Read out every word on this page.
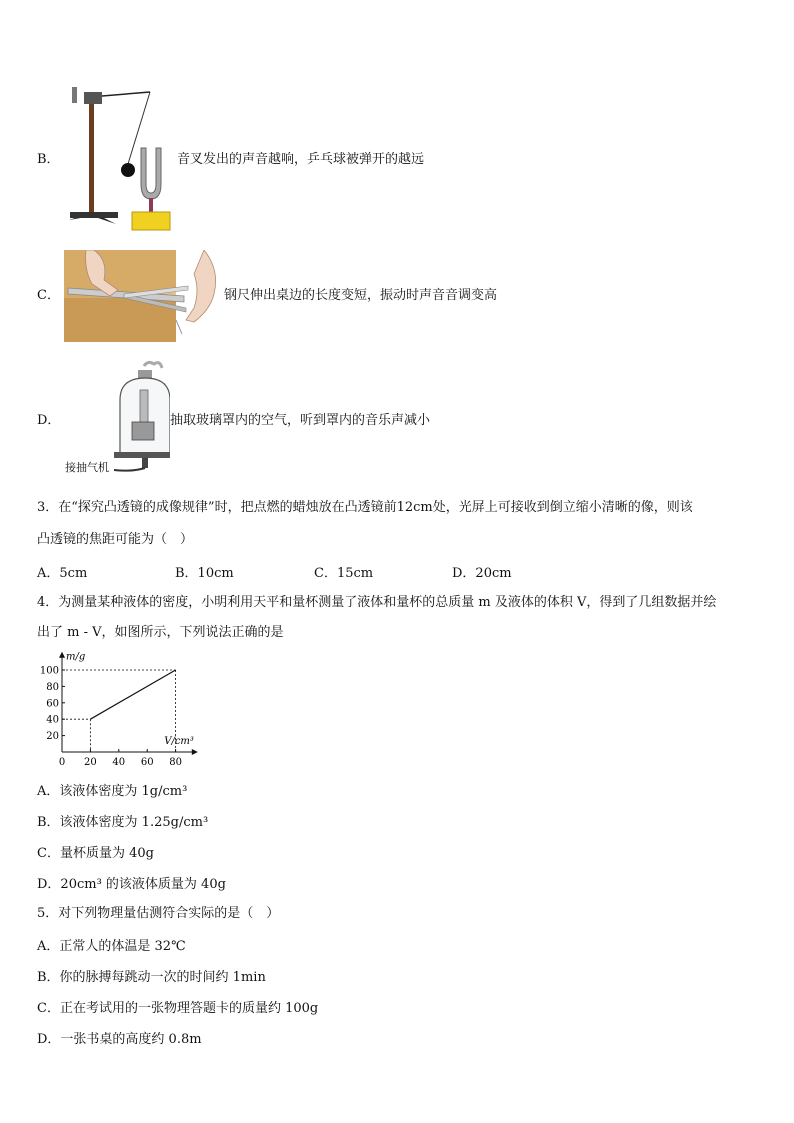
B．	音叉发出的声音越响，乒乓球被弹开的越远
C．	钢尺伸出桌边的长度变短，振动时声音音调变高
D．
接抽气机
抽取玻璃罩内的空气，听到罩内的音乐声减小
3．在“探究凸透镜的成像规律”时，把点燃的蜡烛放在凸透镜前12cm处，光屏上可接收到倒立缩小清晰的像，则该
凸透镜的焦距可能为（　）
A．5cm	B．10cm	C．15cm	D．20cm
4．为测量某种液体的密度，小明利用天平和量杯测量了液体和量杯的总质量 m 及液体的体积 V，得到了几组数据并绘
出了 m - V，如图所示，下列说法正确的是
m/g
V/cm³
20
40
60
80
100
0 20 40 60 80
A．该液体密度为 1g/cm³
B．该液体密度为 1.25g/cm³
C．量杯质量为 40g
D．20cm³ 的该液体质量为 40g
5．对下列物理量估测符合实际的是（　）
A．正常人的体温是 32℃
B．你的脉搏每跳动一次的时间约 1min
C．正在考试用的一张物理答题卡的质量约 100g
D．一张书桌的高度约 0.8m
